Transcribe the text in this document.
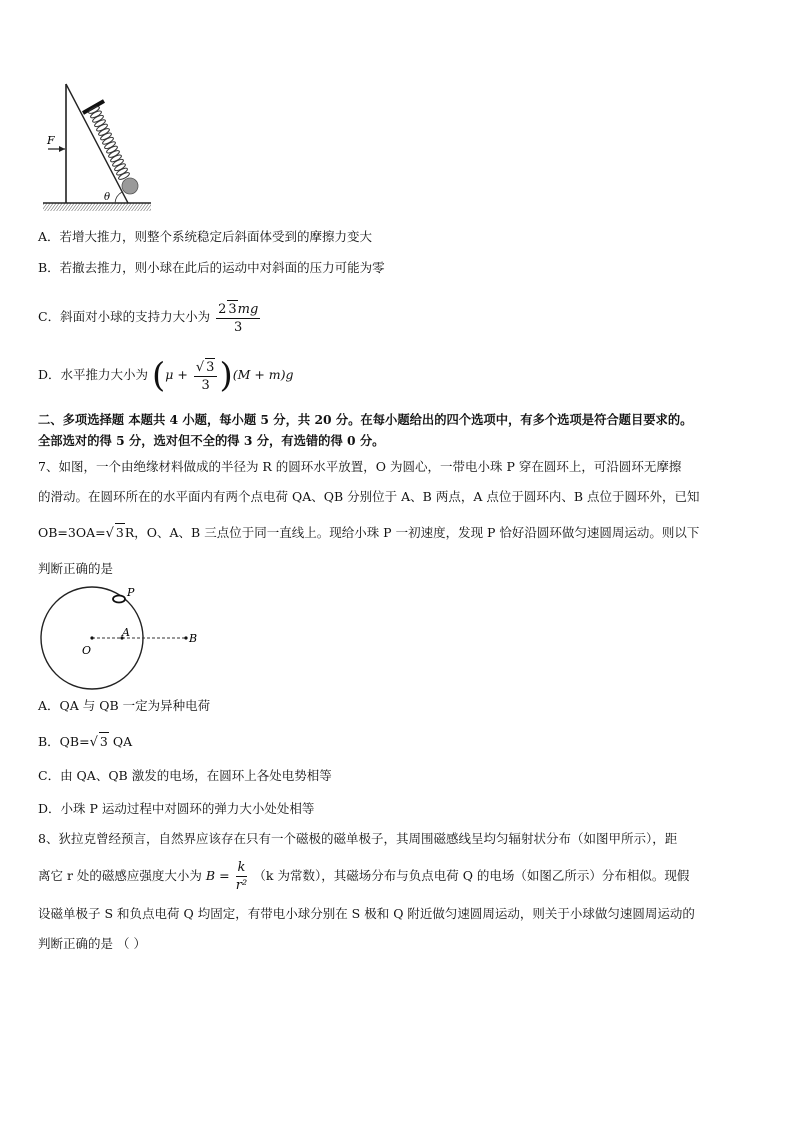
F
θ
A．若增大推力，则整个系统稳定后斜面体受到的摩擦力变大
B．若撤去推力，则小球在此后的运动中对斜面的压力可能为零
C．斜面对小球的支持力大小为 $\frac{2 3mg}{3}$
D．水平推力大小为 $(\mu + \frac{√ 3}{3} )(M + m)g$
二、多项选择题 本题共 4 小题，每小题 5 分，共 20 分。在每小题给出的四个选项中，有多个选项是符合题目要求的。
全部选对的得 5 分，选对但不全的得 3 分，有选错的得 0 分。
7、如图，一个由绝缘材料做成的半径为 R 的圆环水平放置，O 为圆心，一带电小珠 P 穿在圆环上，可沿圆环无摩擦
的滑动。在圆环所在的水平面内有两个点电荷 QA、QB 分别位于 A、B 两点，A 点位于圆环内、B 点位于圆环外，已知
OB=3OA=√ 3R，O、A、B 三点位于同一直线上。现给小珠 P 一初速度，发现 P 恰好沿圆环做匀速圆周运动。则以下
判断正确的是
P
A	B
O
A．QA 与 QB 一定为异种电荷
B．QB=√ 3 QA
C．由 QA、QB 激发的电场，在圆环上各处电势相等
D．小珠 P 运动过程中对圆环的弹力大小处处相等
8、狄拉克曾经预言，自然界应该存在只有一个磁极的磁单极子，其周围磁感线呈均匀辐射状分布（如图甲所示），距
离它 r 处的磁感应强度大小为 $B = \frac{k}{\text{r²}} (k$ 为常数），其磁场分布与负点电荷 Q 的电场（如图乙所示）分布相似。现假
设磁单极子 S 和负点电荷 Q 均固定，有带电小球分别在 S 极和 Q 附近做匀速圆周运动，则关于小球做匀速圆周运动的
判断正确的是 （ ）
